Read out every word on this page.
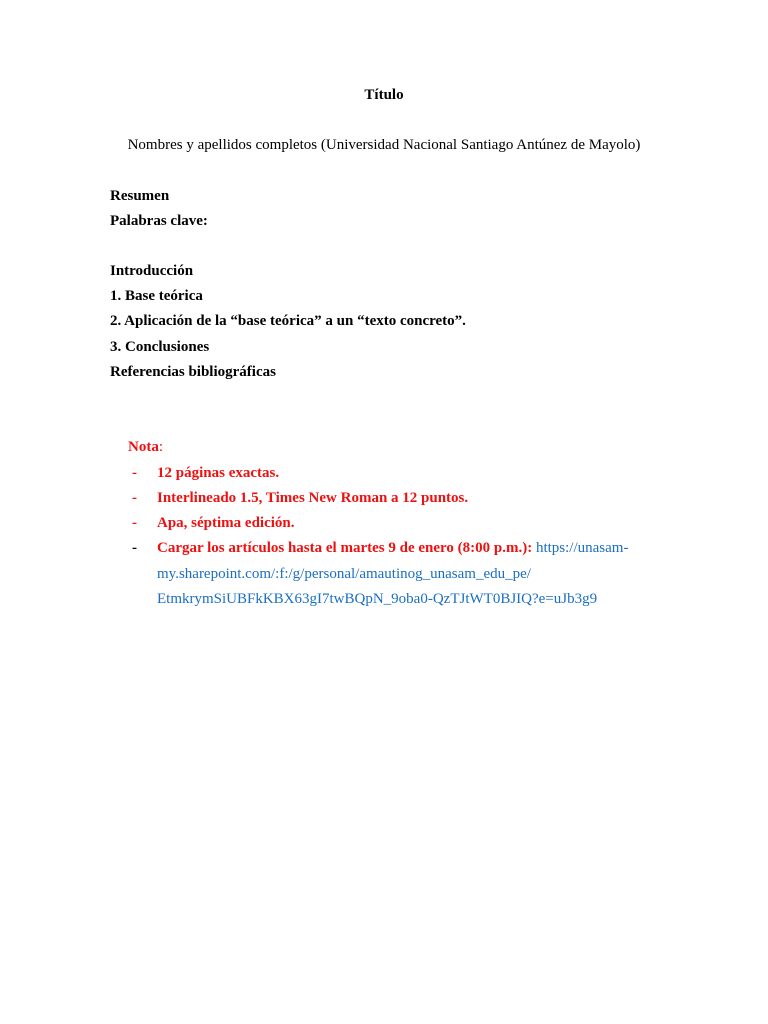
Título
Nombres y apellidos completos (Universidad Nacional Santiago Antúnez de Mayolo)
Resumen
Palabras clave:
Introducción
1. Base teórica
2. Aplicación de la “base teórica” a un “texto concreto”.
3. Conclusiones
Referencias bibliográficas
Nota:
-	12 páginas exactas.
-	Interlineado 1.5, Times New Roman a 12 puntos.
-	Apa, séptima edición.
-	Cargar los artículos hasta el martes 9 de enero (8:00 p.m.): https://unasam-
my.sharepoint.com/:f:/g/personal/amautinog_unasam_edu_pe/
EtmkrymSiUBFkKBX63gI7twBQpN_9oba0-QzTJtWT0BJIQ?e=uJb3g9
